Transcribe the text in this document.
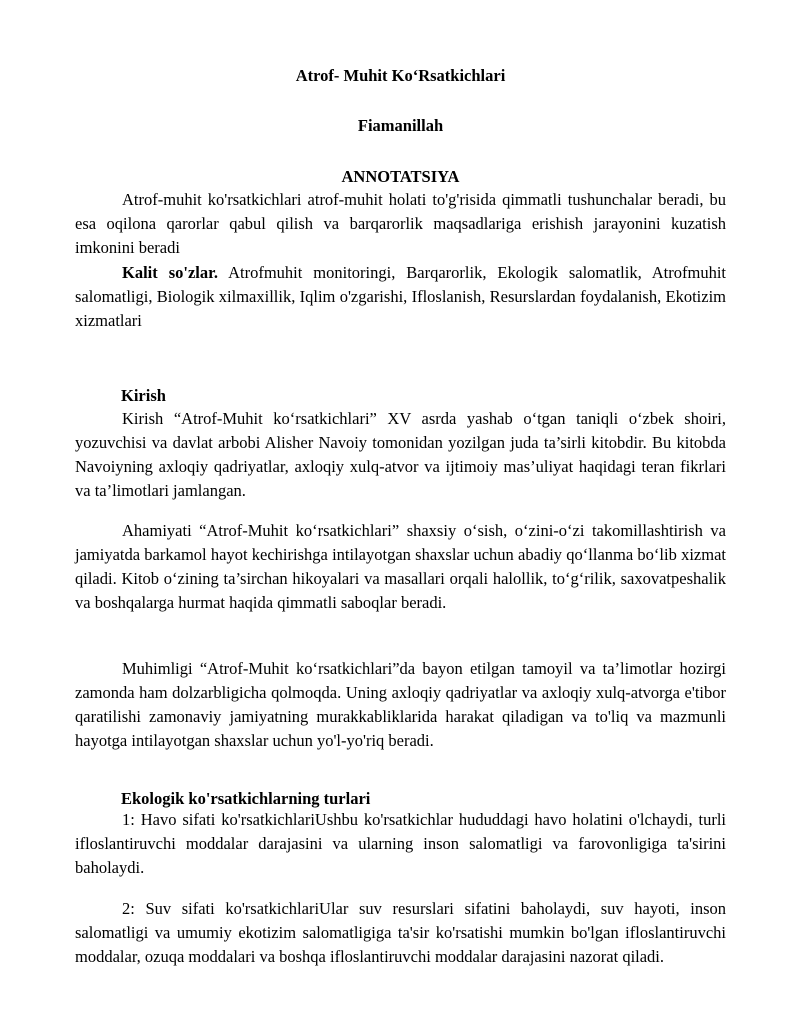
Atrof- Muhit Ko‘Rsatkichlari
Fiamanillah
ANNOTATSIYA

Atrof-muhit ko'rsatkichlari atrof-muhit holati to'g'risida qimmatli tushunchalar beradi, bu esa oqilona qarorlar qabul qilish va barqarorlik maqsadlariga erishish jarayonini kuzatish imkonini beradi

Kalit so'zlar. Atrofmuhit monitoringi, Barqarorlik, Ekologik salomatlik, Atrofmuhit salomatligi, Biologik xilmaxillik, Iqlim o'zgarishi, Ifloslanish, Resurslardan foydalanish, Ekotizim xizmatlari

Kirish

Kirish “Atrof-Muhit ko‘rsatkichlari” XV asrda yashab o‘tgan taniqli o‘zbek shoiri, yozuvchisi va davlat arbobi Alisher Navoiy tomonidan yozilgan juda ta’sirli kitobdir. Bu kitobda Navoiyning axloqiy qadriyatlar, axloqiy xulq-atvor va ijtimoiy mas’uliyat haqidagi teran fikrlari va ta’limotlari jamlangan.

Ahamiyati “Atrof-Muhit ko‘rsatkichlari” shaxsiy o‘sish, o‘zini-o‘zi takomillashtirish va jamiyatda barkamol hayot kechirishga intilayotgan shaxslar uchun abadiy qo‘llanma bo‘lib xizmat qiladi. Kitob o‘zining ta’sirchan hikoyalari va masallari orqali halollik, to‘g‘rilik, saxovatpeshalik va boshqalarga hurmat haqida qimmatli saboqlar beradi.

Muhimligi “Atrof-Muhit ko‘rsatkichlari”da bayon etilgan tamoyil va ta’limotlar hozirgi zamonda ham dolzarbligicha qolmoqda. Uning axloqiy qadriyatlar va axloqiy xulq-atvorga e'tibor qaratilishi zamonaviy jamiyatning murakkabliklarida harakat qiladigan va to'liq va mazmunli hayotga intilayotgan shaxslar uchun yo'l-yo'riq beradi.

Ekologik ko'rsatkichlarning turlari

1: Havo sifati ko'rsatkichlariUshbu ko'rsatkichlar hududdagi havo holatini o'lchaydi, turli ifloslantiruvchi moddalar darajasini va ularning inson salomatligi va farovonligiga ta'sirini baholaydi.

2: Suv sifati ko'rsatkichlariUlar suv resurslari sifatini baholaydi, suv hayoti, inson salomatligi va umumiy ekotizim salomatligiga ta'sir ko'rsatishi mumkin bo'lgan ifloslantiruvchi moddalar, ozuqa moddalari va boshqa ifloslantiruvchi moddalar darajasini nazorat qiladi.
